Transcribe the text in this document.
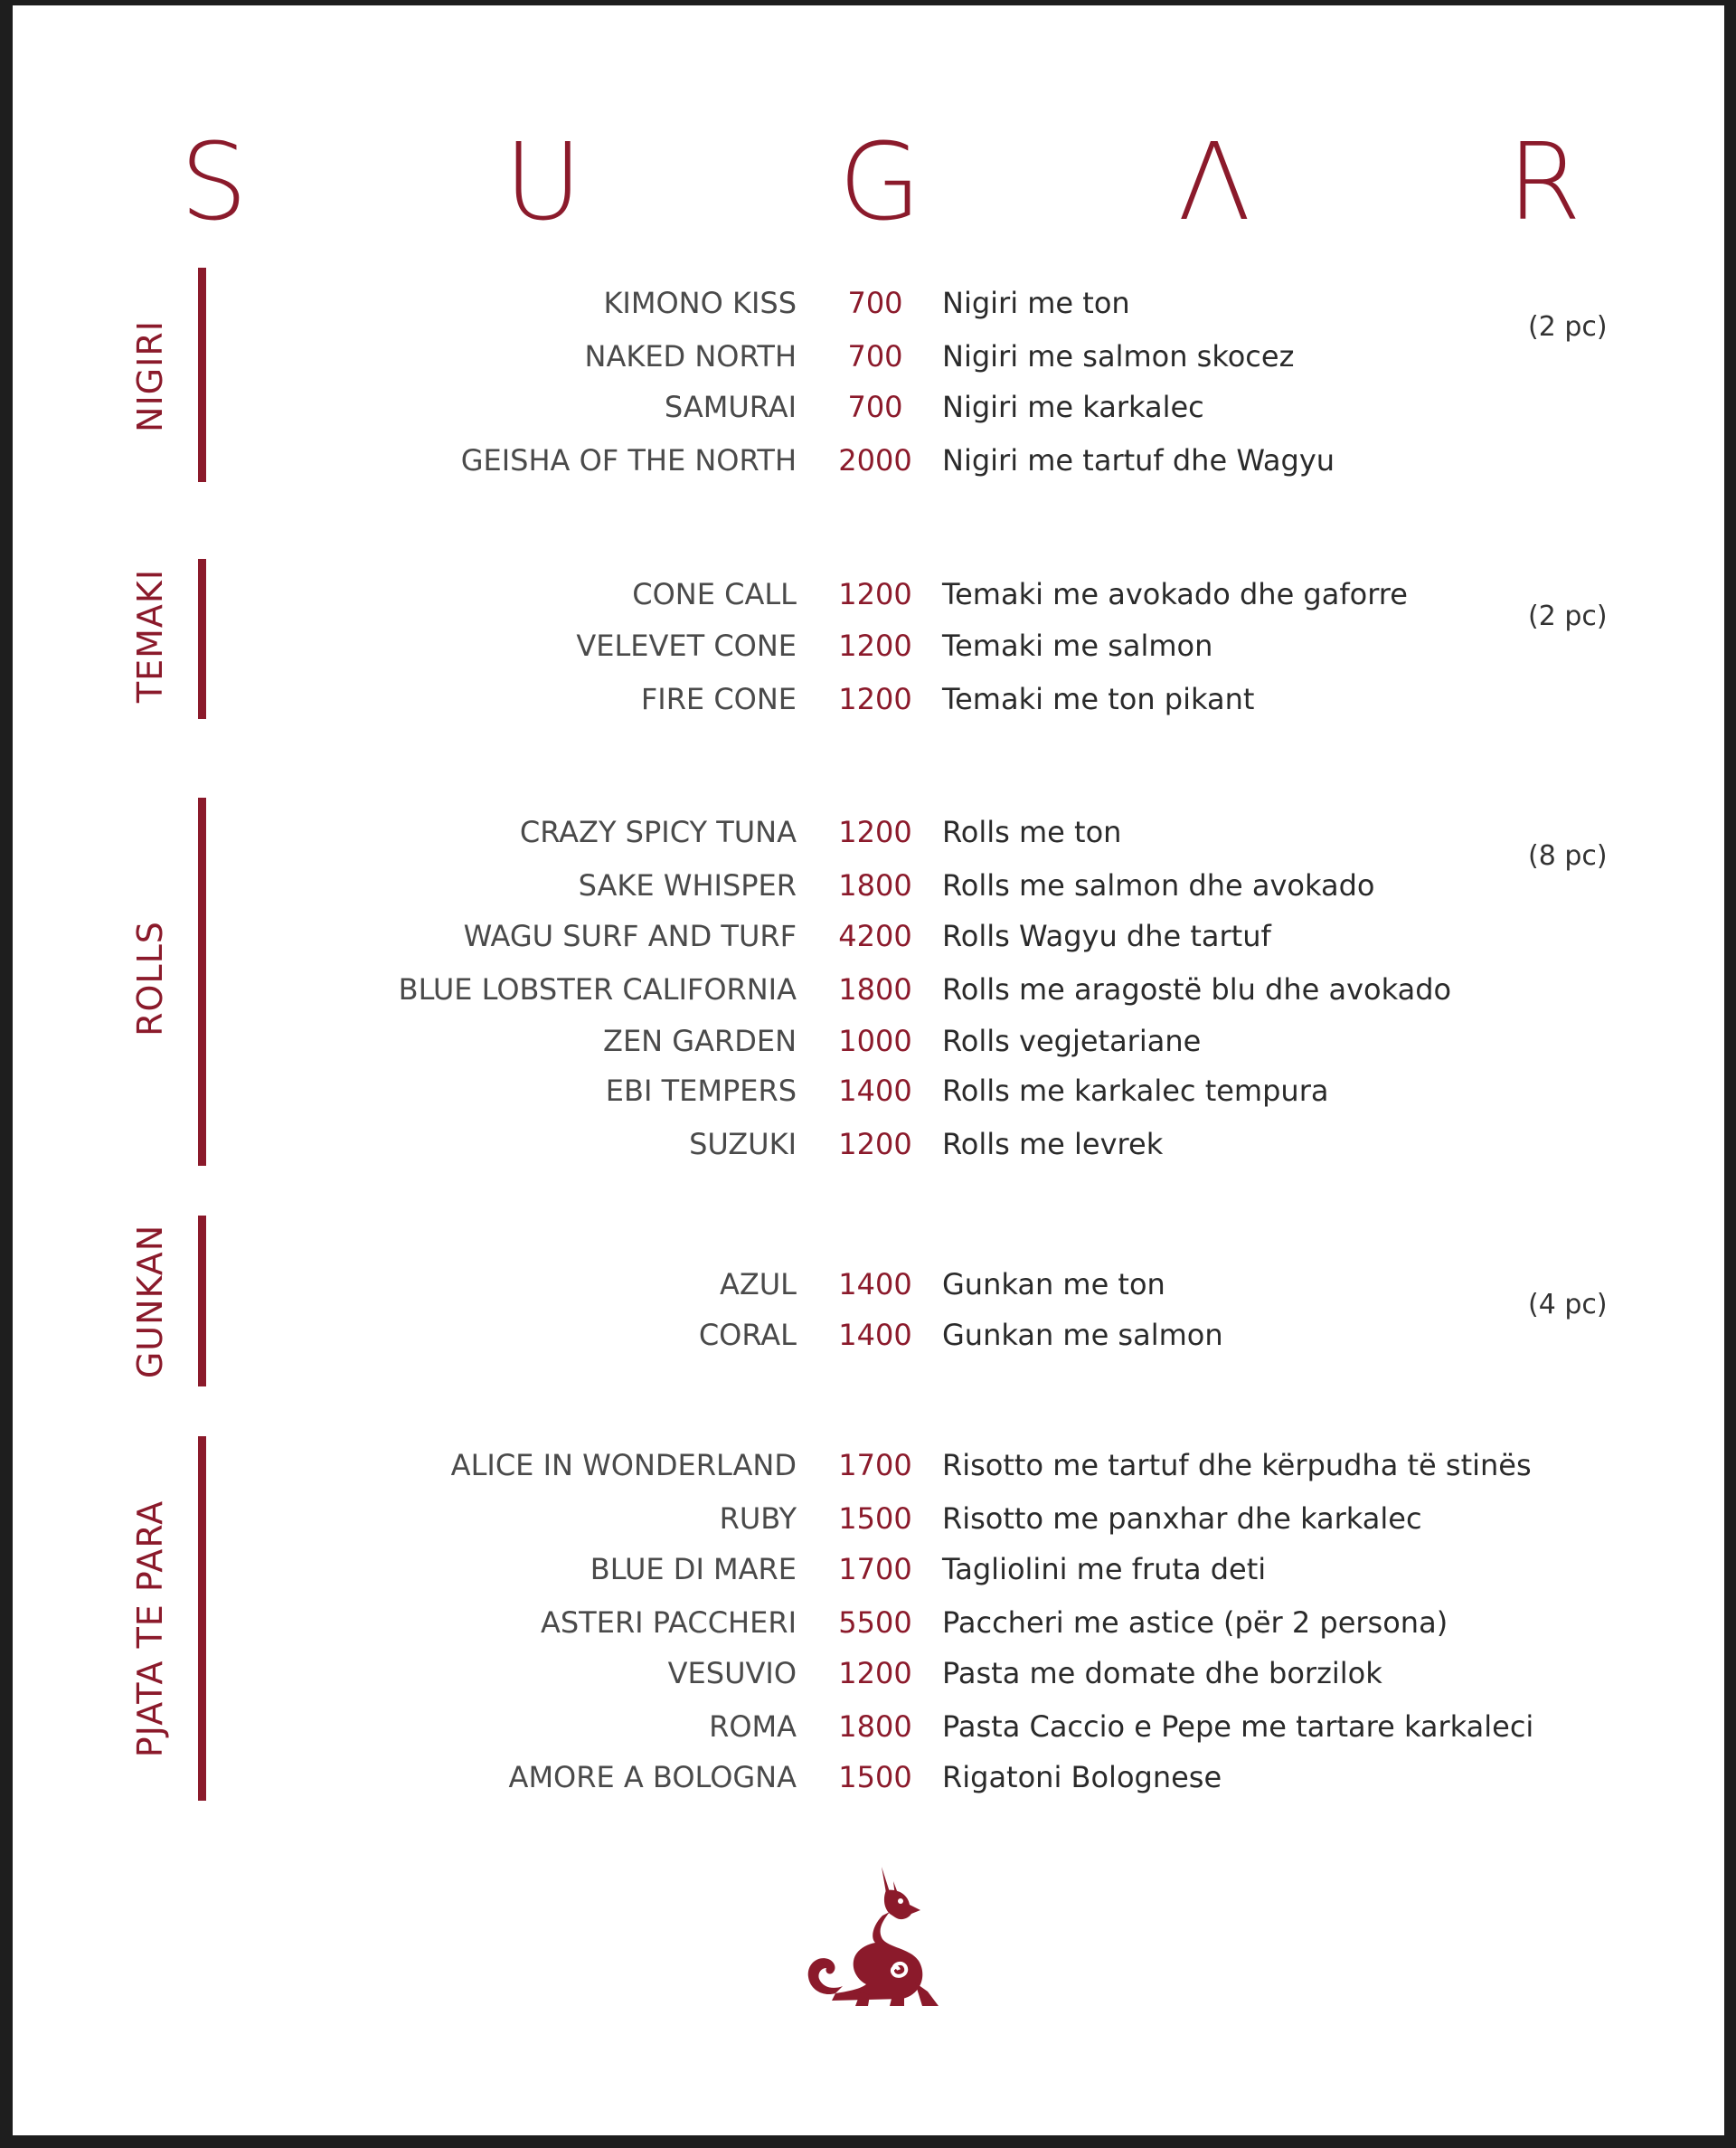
S U G Λ R
NIGIRI	(2 pc)
KIMONO KISS	700	Nigiri me ton
NAKED NORTH	700	Nigiri me salmon skocez
SAMURAI	700	Nigiri me karkalec
GEISHA OF THE NORTH	2000	Nigiri me tartuf dhe Wagyu
TEMAKI	(2 pc)
CONE CALL	1200	Temaki me avokado dhe gaforre
VELEVET CONE	1200	Temaki me salmon
FIRE CONE	1200	Temaki me ton pikant
ROLLS
(8 pc)
CRAZY SPICY TUNA	1200	Rolls me ton
SAKE WHISPER	1800	Rolls me salmon dhe avokado
WAGU SURF AND TURF	4200	Rolls Wagyu dhe tartuf
BLUE LOBSTER CALIFORNIA	1800	Rolls me aragostë blu dhe avokado
ZEN GARDEN	1000	Rolls vegjetariane
EBI TEMPERS	1400	Rolls me karkalec tempura
SUZUKI	1200	Rolls me levrek
GUNKAN	(4 pc)
AZUL	1400	Gunkan me ton
CORAL	1400	Gunkan me salmon
PJATA TE PARA
ALICE IN WONDERLAND	1700	Risotto me tartuf dhe kërpudha të stinës
RUBY	1500	Risotto me panxhar dhe karkalec
BLUE DI MARE	1700	Tagliolini me fruta deti
ASTERI PACCHERI	5500	Paccheri me astice (për 2 persona)
VESUVIO	1200	Pasta me domate dhe borzilok
ROMA	1800	Pasta Caccio e Pepe me tartare karkaleci
AMORE A BOLOGNA	1500	Rigatoni Bolognese
